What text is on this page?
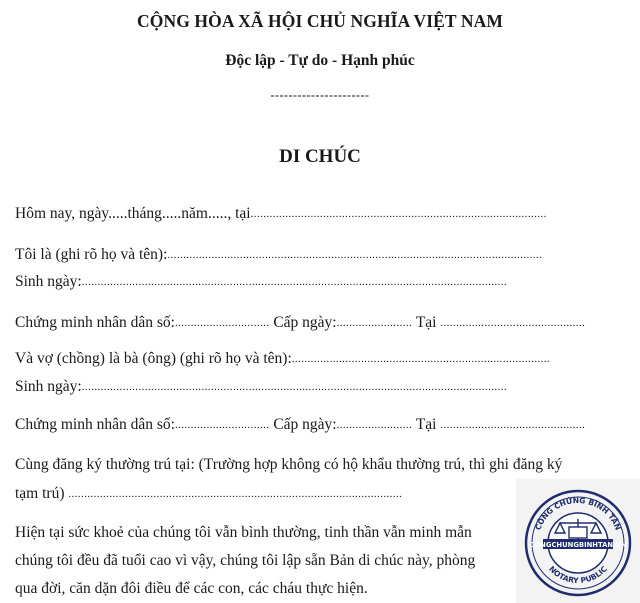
CỘNG HÒA XÃ HỘI CHỦ NGHĨA VIỆT NAM
Độc lập - Tự do - Hạnh phúc
----------------------
DI CHÚC
Hôm nay, ngày.....tháng.....năm....., tại..............................................................................................
Tôi là (ghi rõ họ và tên):.......................................................................................................................
Sinh ngày:.......................................................................................................................................
Chứng minh nhân dân số:.............................. Cấp ngày:........................ Tại ..............................................
Và vợ (chồng) là bà (ông) (ghi rõ họ và tên):..................................................................................
Sinh ngày:.......................................................................................................................................
Chứng minh nhân dân số:.............................. Cấp ngày:........................ Tại ..............................................
Cùng đăng ký thường trú tại: (Trường hợp không có hộ khẩu thường trú, thì ghi đăng ký
tạm trú) ..........................................................................................................
Hiện tại sức khoẻ của chúng tôi vẫn bình thường, tinh thần vẫn minh mẫn
chúng tôi đều đã tuổi cao vì vậy, chúng tôi lập sẵn Bản di chúc này, phòng
qua đời, căn dặn đôi điều để các con, các cháu thực hiện.
CÔNG CHỨNG BÌNH TÂN
NOTARY PUBLIC
CONGCHUNGBINHTAN.VN
